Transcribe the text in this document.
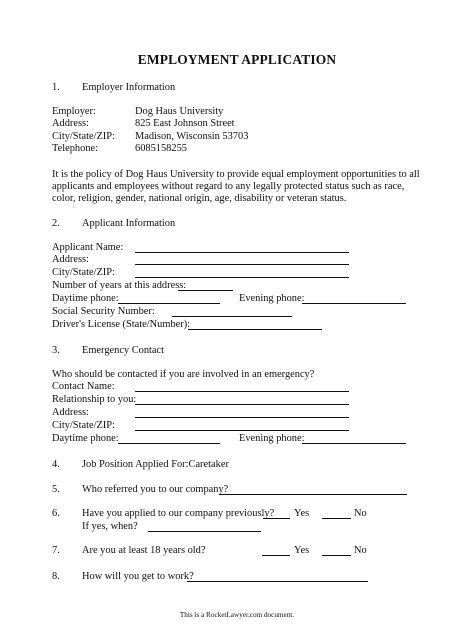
EMPLOYMENT APPLICATION
1. Employer Information
Employer:	Dog Haus University
Address:	825 East Johnson Street
City/State/ZIP: Madison, Wisconsin 53703
Telephone:	6085158255
It is the policy of Dog Haus University to provide equal employment opportunities to all applicants and employees without regard to any legally protected status such as race, color, religion, gender, national origin, age, disability or veteran status.
2. Applicant Information
Applicant Name:
Address:
City/State/ZIP:
Number of years at this address:
Daytime phone:	Evening phone:
Social Security Number:
Driver's License (State/Number):
3. Emergency Contact
Who should be contacted if you are involved in an emergency?
Contact Name:
Relationship to you:
Address:
City/State/ZIP:
Daytime phone:	Evening phone:
4. Job Position Applied For:Caretaker
5. Who referred you to our company?
6. Have you applied to our company previously? Yes	No
If yes, when?
7. Are you at least 18 years old?	Yes	No
8. How will you get to work?
This is a RocketLawyer.com document.
